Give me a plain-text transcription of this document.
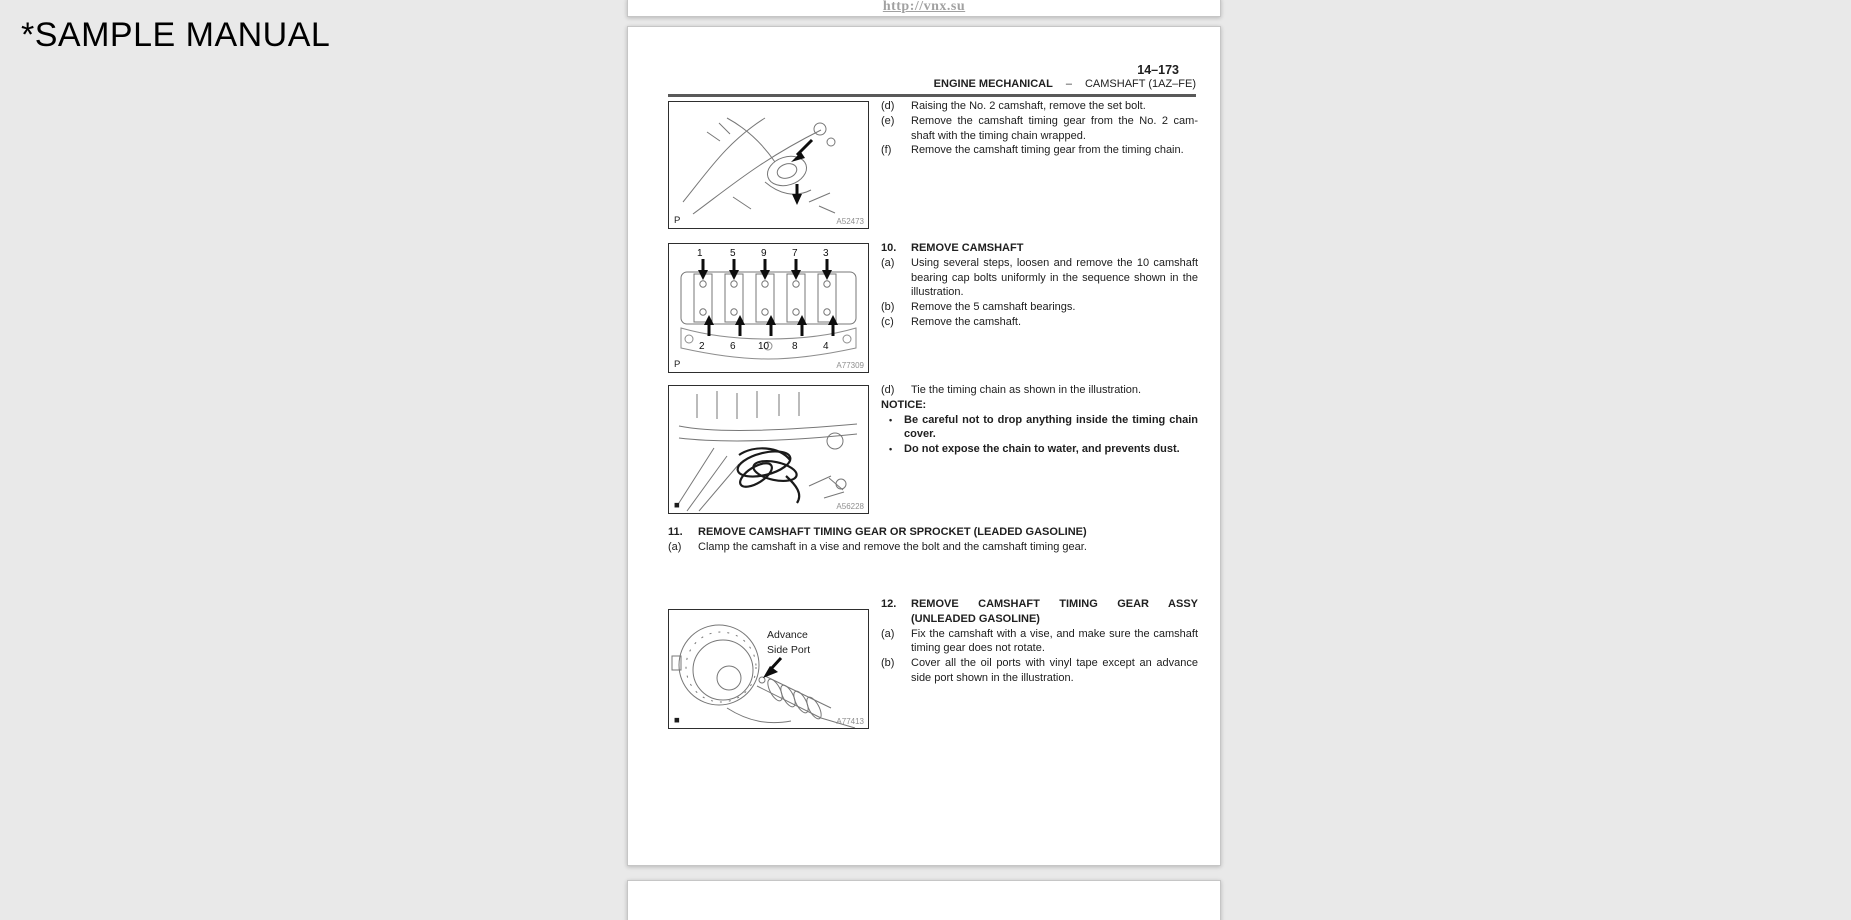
*SAMPLE MANUAL
http://vnx.su
14–173
ENGINE MECHANICAL – CAMSHAFT (1AZ–FE)
P	A52473
(d)	Raising the No. 2 camshaft, remove the set bolt.
(e)	Remove the camshaft timing gear from the No. 2 cam-shaft with the timing chain wrapped.
(f)	Remove the camshaft timing gear from the timing chain.
1	5	9	7	3
2	6 10 8	4
P	A77309
10.	REMOVE CAMSHAFT
(a)	Using several steps, loosen and remove the 10 camshaft bearing cap bolts uniformly in the sequence shown in the illustration.
(b)	Remove the 5 camshaft bearings.
(c)	Remove the camshaft.
■	A56228
(d)	Tie the timing chain as shown in the illustration.
NOTICE:
•	Be careful not to drop anything inside the timing chain cover.
•	Do not expose the chain to water, and prevents dust.
11.	REMOVE CAMSHAFT TIMING GEAR OR SPROCKET (LEADED GASOLINE)
(a)	Clamp the camshaft in a vise and remove the bolt and the camshaft timing gear.
Advance
Side Port
■	A77413
12.	REMOVE CAMSHAFT TIMING GEAR ASSY (UNLEADED GASOLINE)
(a)	Fix the camshaft with a vise, and make sure the camshaft timing gear does not rotate.
(b)	Cover all the oil ports with vinyl tape except an advance side port shown in the illustration.
